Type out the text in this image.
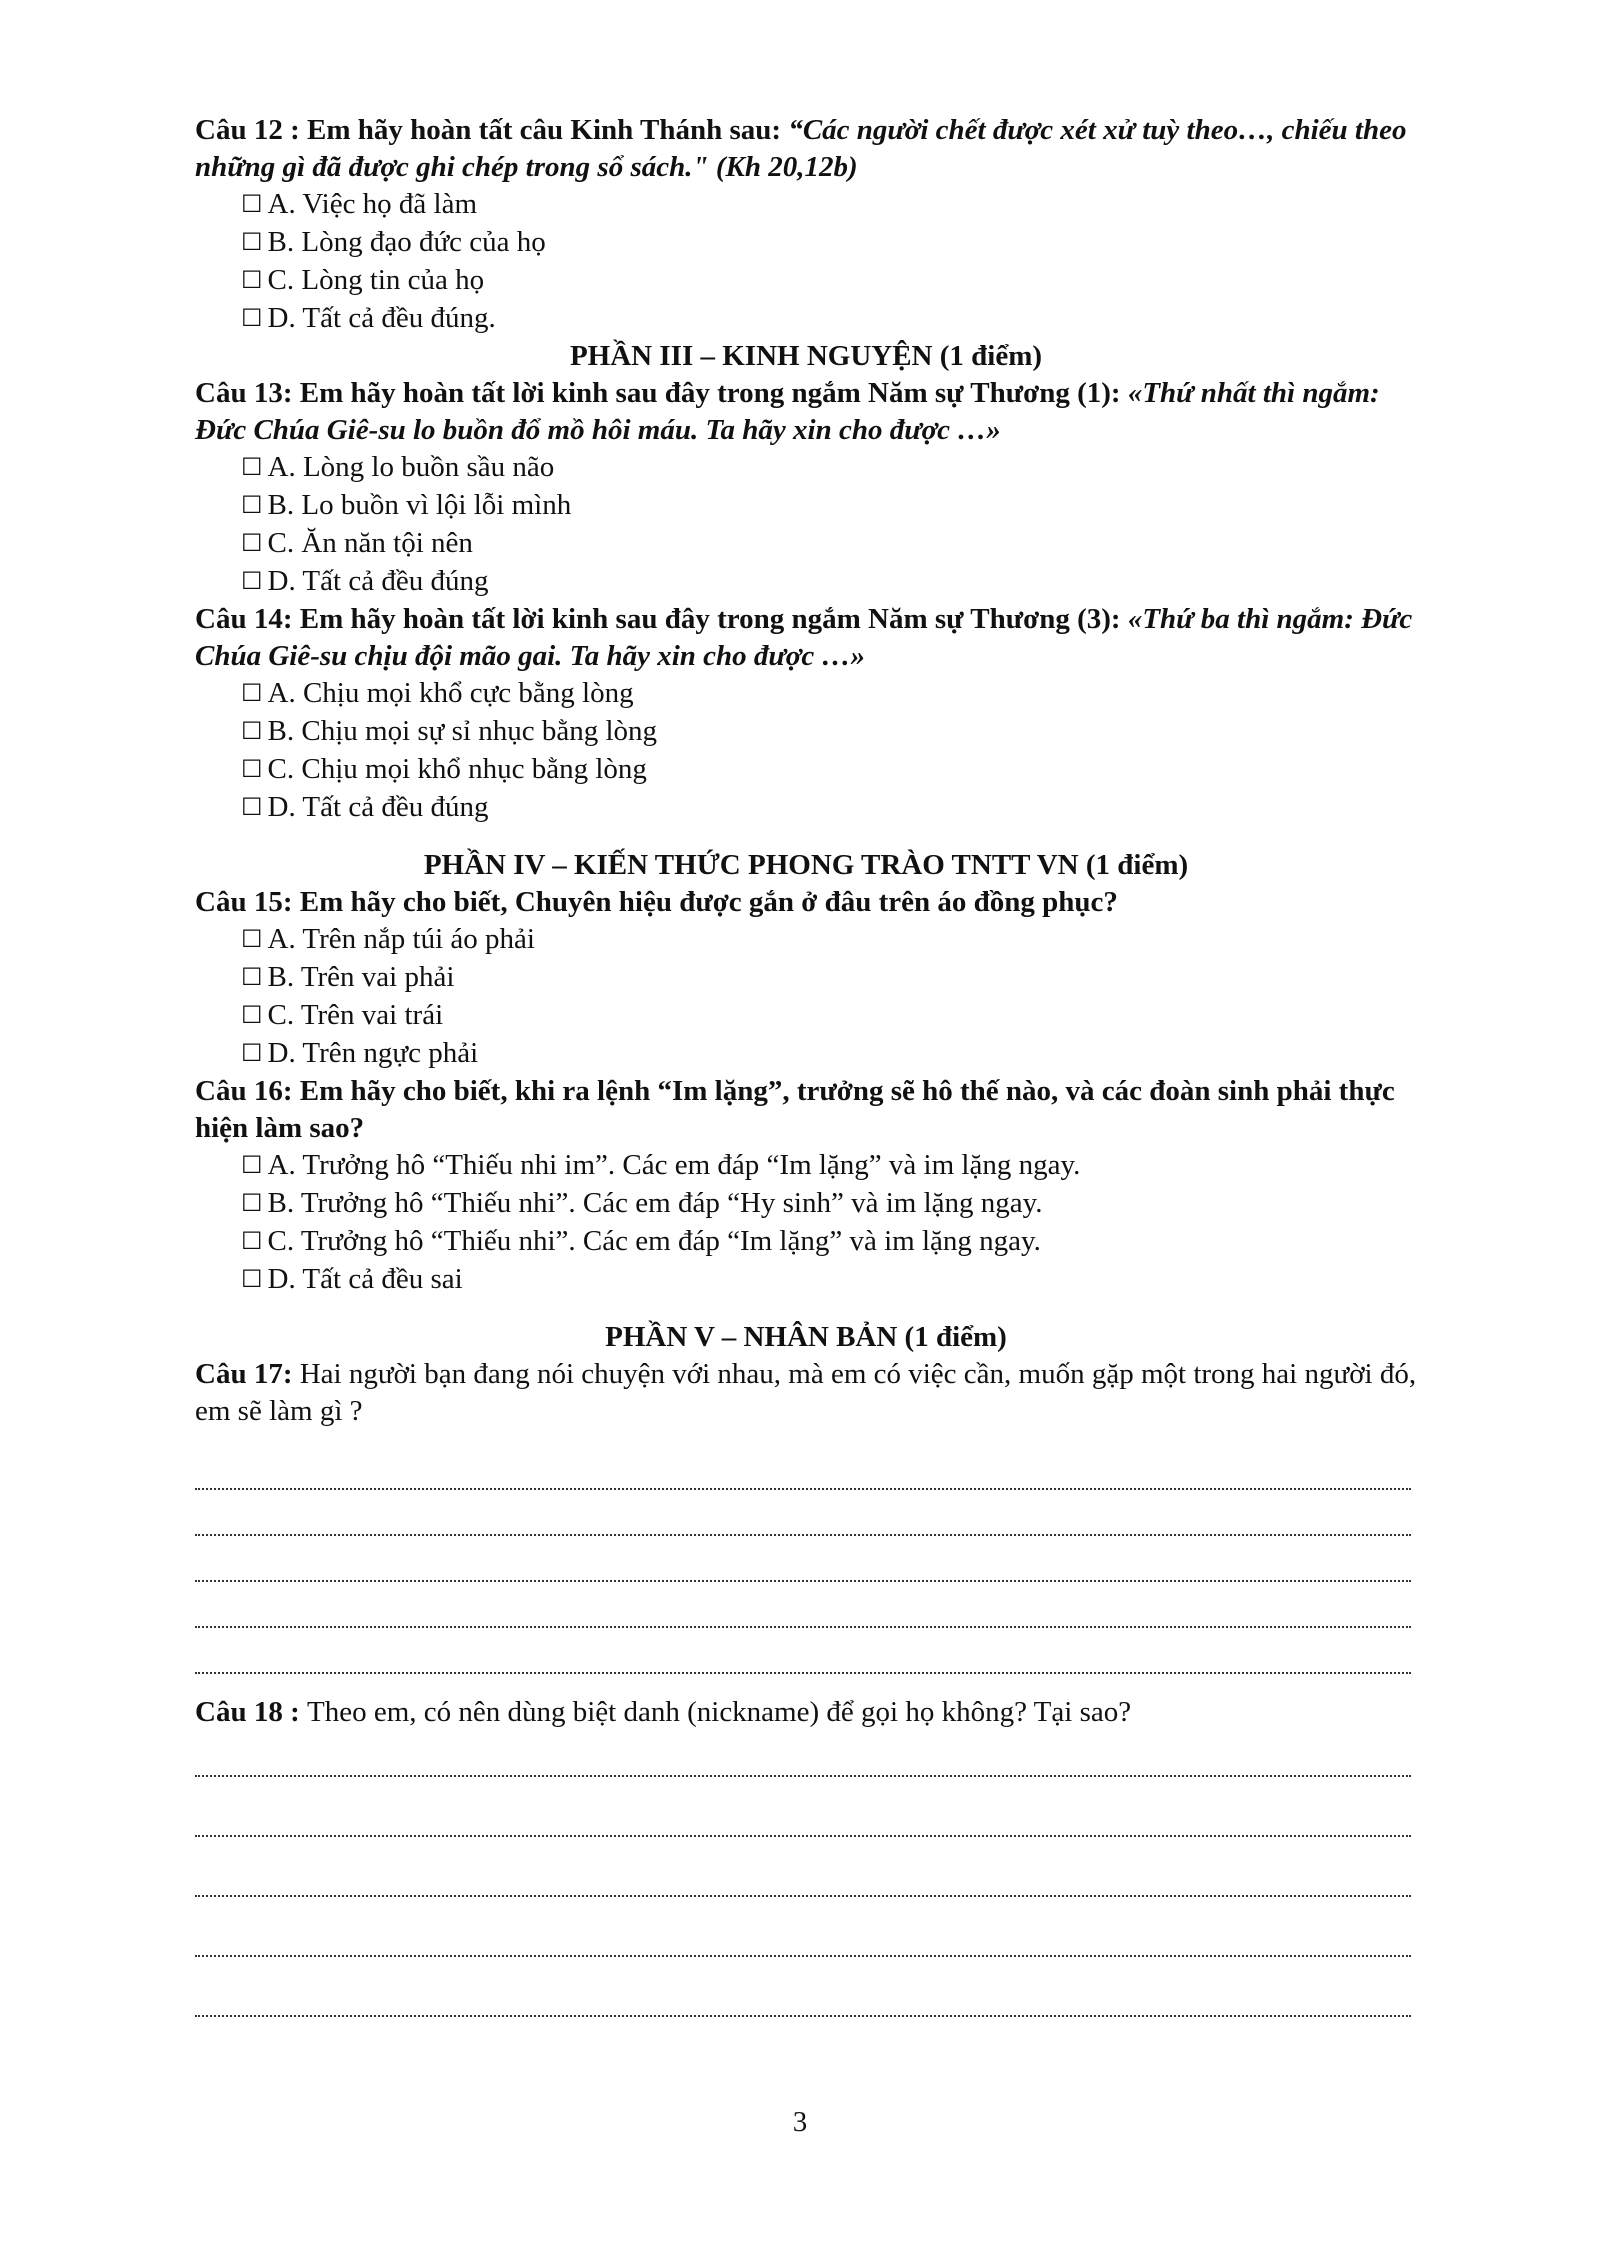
Câu 12 : Em hãy hoàn tất câu Kinh Thánh sau: “Các người chết được xét xử tuỳ theo…, chiếu theo những gì đã được ghi chép trong sổ sách." (Kh 20,12b)
☐ A. Việc họ đã làm
☐ B. Lòng đạo đức của họ
☐ C. Lòng tin của họ
☐ D. Tất cả đều đúng.
PHẦN III – KINH NGUYỆN (1 điểm)
Câu 13: Em hãy hoàn tất lời kinh sau đây trong ngắm Năm sự Thương (1): «Thứ nhất thì ngắm: Đức Chúa Giê-su lo buồn đổ mồ hôi máu. Ta hãy xin cho được …»
☐ A. Lòng lo buồn sầu não
☐ B. Lo buồn vì lội lỗi mình
☐ C. Ăn năn tội nên
☐ D. Tất cả đều đúng
Câu 14: Em hãy hoàn tất lời kinh sau đây trong ngắm Năm sự Thương (3): «Thứ ba thì ngắm: Đức Chúa Giê-su chịu đội mão gai. Ta hãy xin cho được …»
☐ A. Chịu mọi khổ cực bằng lòng
☐ B. Chịu mọi sự sỉ nhục bằng lòng
☐ C. Chịu mọi khổ nhục bằng lòng
☐ D. Tất cả đều đúng
PHẦN IV – KIẾN THỨC PHONG TRÀO TNTT VN (1 điểm)
Câu 15: Em hãy cho biết, Chuyên hiệu được gắn ở đâu trên áo đồng phục?
☐ A. Trên nắp túi áo phải
☐ B. Trên vai phải
☐ C. Trên vai trái
☐ D. Trên ngực phải
Câu 16: Em hãy cho biết, khi ra lệnh “Im lặng”, trưởng sẽ hô thế nào, và các đoàn sinh phải thực hiện làm sao?
☐ A. Trưởng hô “Thiếu nhi im”. Các em đáp “Im lặng” và im lặng ngay.
☐ B. Trưởng hô “Thiếu nhi”. Các em đáp “Hy sinh” và im lặng ngay.
☐ C. Trưởng hô “Thiếu nhi”. Các em đáp “Im lặng” và im lặng ngay.
☐ D. Tất cả đều sai
PHẦN V – NHÂN BẢN (1 điểm)
Câu 17: Hai người bạn đang nói chuyện với nhau, mà em có việc cần, muốn gặp một trong hai người đó, em sẽ làm gì ?
Câu 18 : Theo em, có nên dùng biệt danh (nickname) để gọi họ không? Tại sao?
3
